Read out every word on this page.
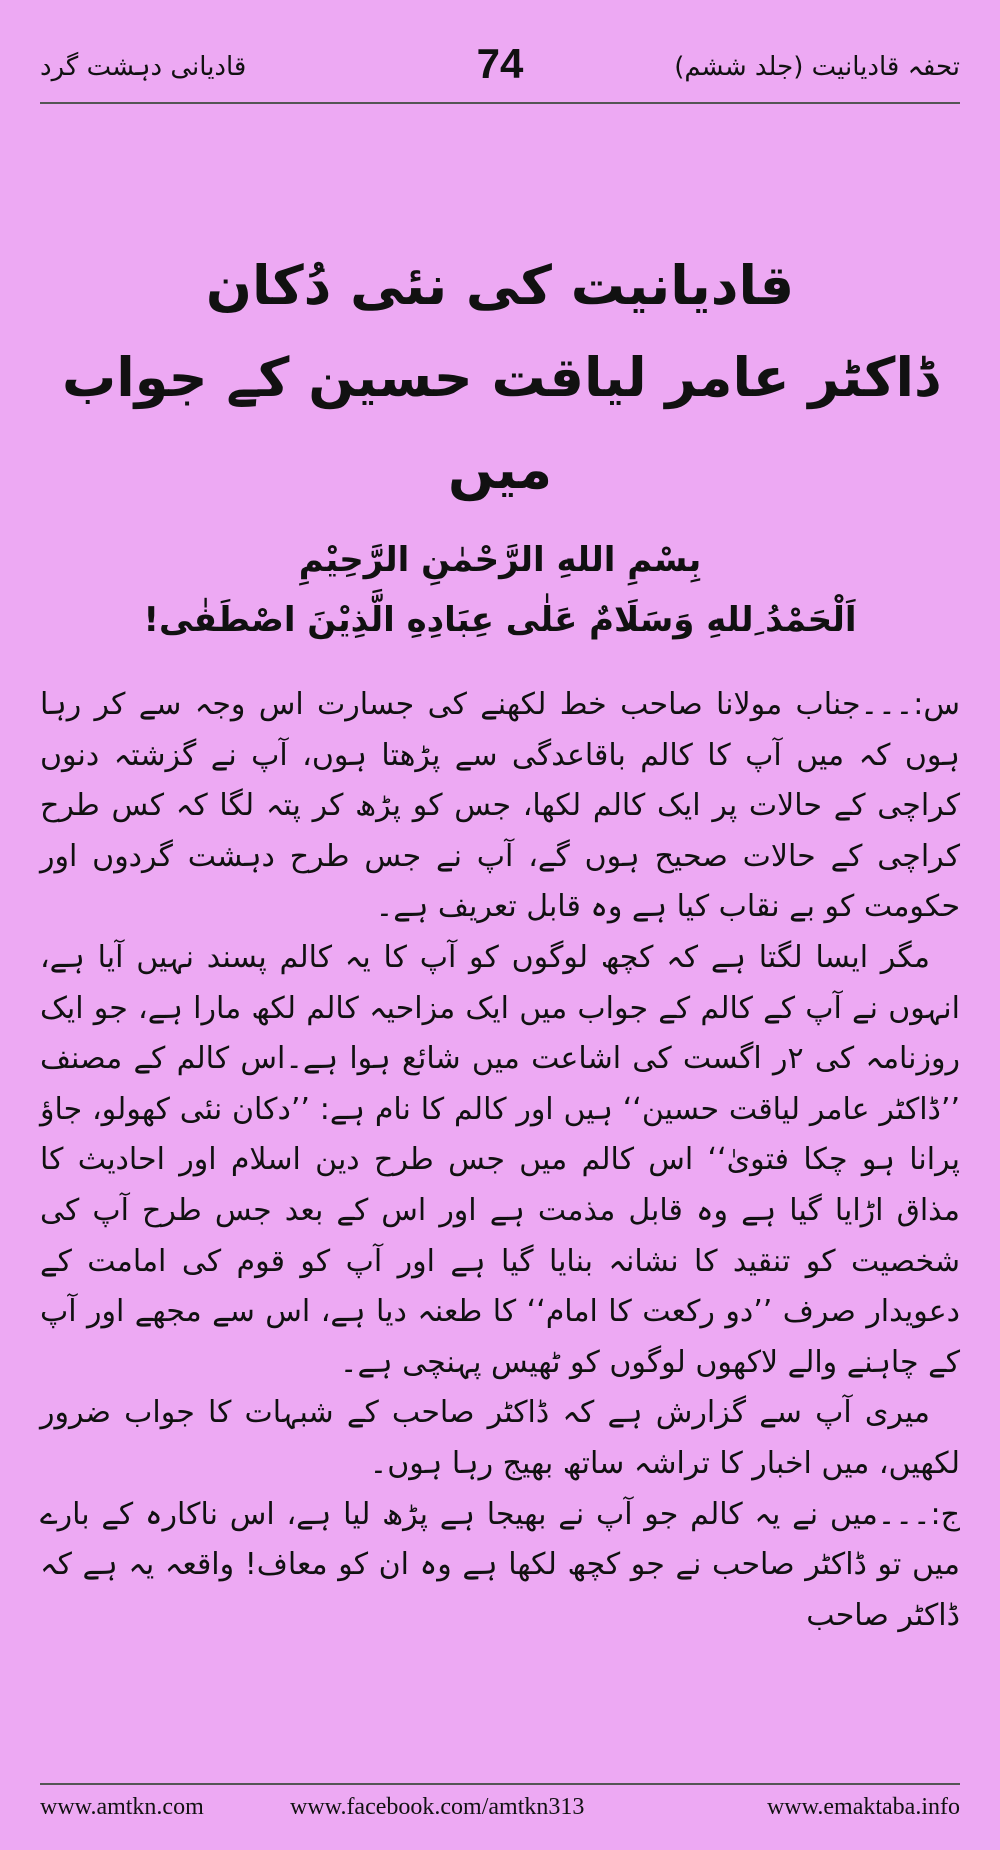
قادیانی دہشت گرد	74	تحفہ قادیانیت (جلد ششم)
قادیانیت کی نئی دُکان
ڈاکٹر عامر لیاقت حسین کے جواب میں
بِسْمِ اللهِ الرَّحْمٰنِ الرَّحِیْمِ
اَلْحَمْدُ ِللهِ وَسَلَامٌ عَلٰی عِبَادِهِ الَّذِیْنَ اصْطَفٰی!

س:۔۔۔جناب مولانا صاحب خط لکھنے کی جسارت اس وجہ سے کر رہا ہوں کہ میں آپ کا کالم باقاعدگی سے پڑھتا ہوں، آپ نے گزشتہ دنوں کراچی کے حالات پر ایک کالم لکھا، جس کو پڑھ کر پتہ لگا کہ کس طرح کراچی کے حالات صحیح ہوں گے، آپ نے جس طرح دہشت گردوں اور حکومت کو بے نقاب کیا ہے وہ قابل تعریف ہے۔

مگر ایسا لگتا ہے کہ کچھ لوگوں کو آپ کا یہ کالم پسند نہیں آیا ہے، انہوں نے آپ کے کالم کے جواب میں ایک مزاحیہ کالم لکھ مارا ہے، جو ایک روزنامہ کی ۲ر اگست کی اشاعت میں شائع ہوا ہے۔اس کالم کے مصنف ’’ڈاکٹر عامر لیاقت حسین‘‘ ہیں اور کالم کا نام ہے: ’’دکان نئی کھولو، جاؤ پرانا ہو چکا فتویٰ‘‘ اس کالم میں جس طرح دین اسلام اور احادیث کا مذاق اڑایا گیا ہے وہ قابل مذمت ہے اور اس کے بعد جس طرح آپ کی شخصیت کو تنقید کا نشانہ بنایا گیا ہے اور آپ کو قوم کی امامت کے دعویدار صرف ’’دو رکعت کا امام‘‘ کا طعنہ دیا ہے، اس سے مجھے اور آپ کے چاہنے والے لاکھوں لوگوں کو ٹھیس پہنچی ہے۔

میری آپ سے گزارش ہے کہ ڈاکٹر صاحب کے شبہات کا جواب ضرور لکھیں، میں اخبار کا تراشہ ساتھ بھیج رہا ہوں۔

ج:۔۔۔میں نے یہ کالم جو آپ نے بھیجا ہے پڑھ لیا ہے، اس ناکارہ کے بارے میں تو ڈاکٹر صاحب نے جو کچھ لکھا ہے وہ ان کو معاف! واقعہ یہ ہے کہ ڈاکٹر صاحب

www.amtkn.com	www.facebook.com/amtkn313	www.emaktaba.info
